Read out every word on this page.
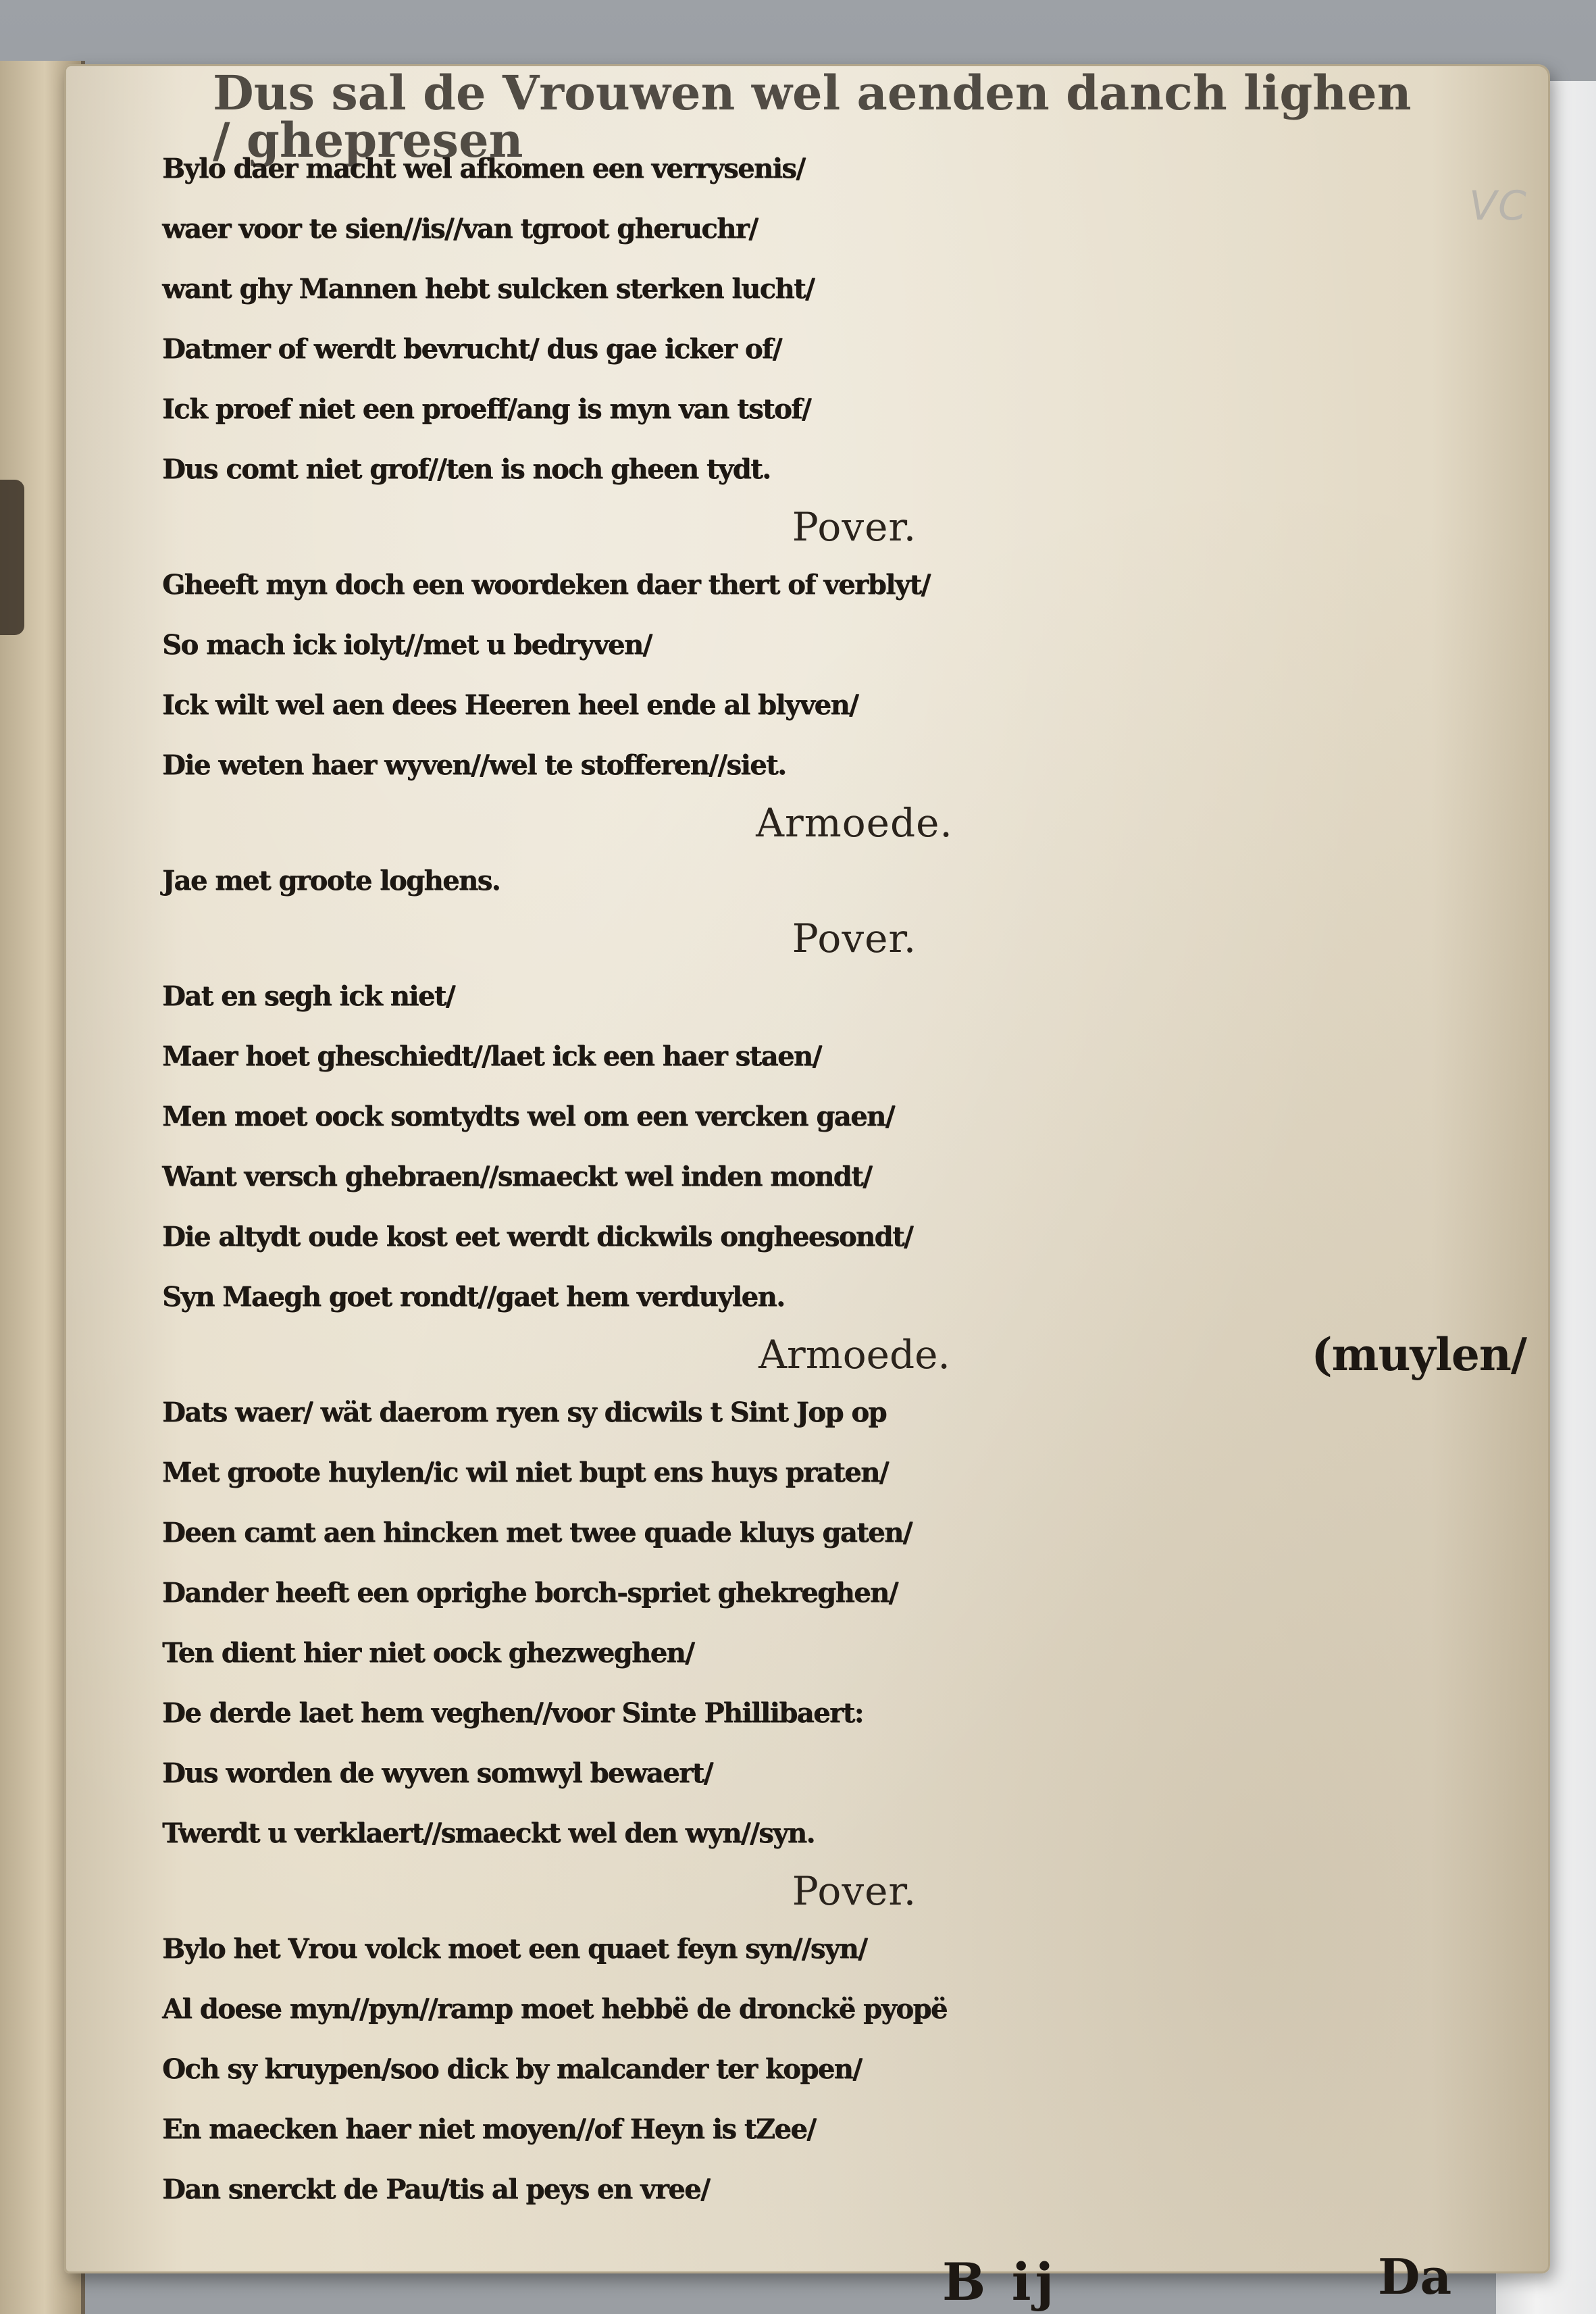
VC
Dus sal de Vrouwen wel aenden danch lighen / ghepresen
Bylo daer macht wel afkomen een verrysenis/
waer voor te sien//is//van tgroot gheruchr/
want ghy Mannen hebt sulcken sterken lucht/
Datmer of werdt bevrucht/ dus gae icker of/
Ick proef niet een proeff/ang is myn van tstof/
Dus comt niet grof//ten is noch gheen tydt.
Pover.
Gheeft myn doch een woordeken daer thert of verblyt/
So mach ick iolyt//met u bedryven/
Ick wilt wel aen dees Heeren heel ende al blyven/
Die weten haer wyven//wel te stofferen//siet.
Armoede.
Jae met groote loghens.
Pover.
Dat en segh ick niet/
Maer hoet gheschiedt//laet ick een haer staen/
Men moet oock somtydts wel om een vercken gaen/
Want versch ghebraen//smaeckt wel inden mondt/
Die altydt oude kost eet werdt dickwils ongheesondt/
Syn Maegh goet rondt//gaet hem verduylen.
Armoede.	(muylen/
Dats waer/ wät daerom ryen sy dicwils t Sint Jop op
Met groote huylen/ic wil niet bupt ens huys praten/
Deen camt aen hincken met twee quade kluys gaten/
Dander heeft een oprighe borch-spriet ghekreghen/
Ten dient hier niet oock ghezweghen/
De derde laet hem veghen//voor Sinte Phillibaert:
Dus worden de wyven somwyl bewaert/
Twerdt u verklaert//smaeckt wel den wyn//syn.
Pover.
Bylo het Vrou volck moet een quaet feyn syn//syn/
Al doese myn//pyn//ramp moet hebbë de dronckë pyopë
Och sy kruypen/soo dick by malcander ter kopen/
En maecken haer niet moyen//of Heyn is tZee/
Dan snerckt de Pau/tis al peys en vree/
B ij	Da
